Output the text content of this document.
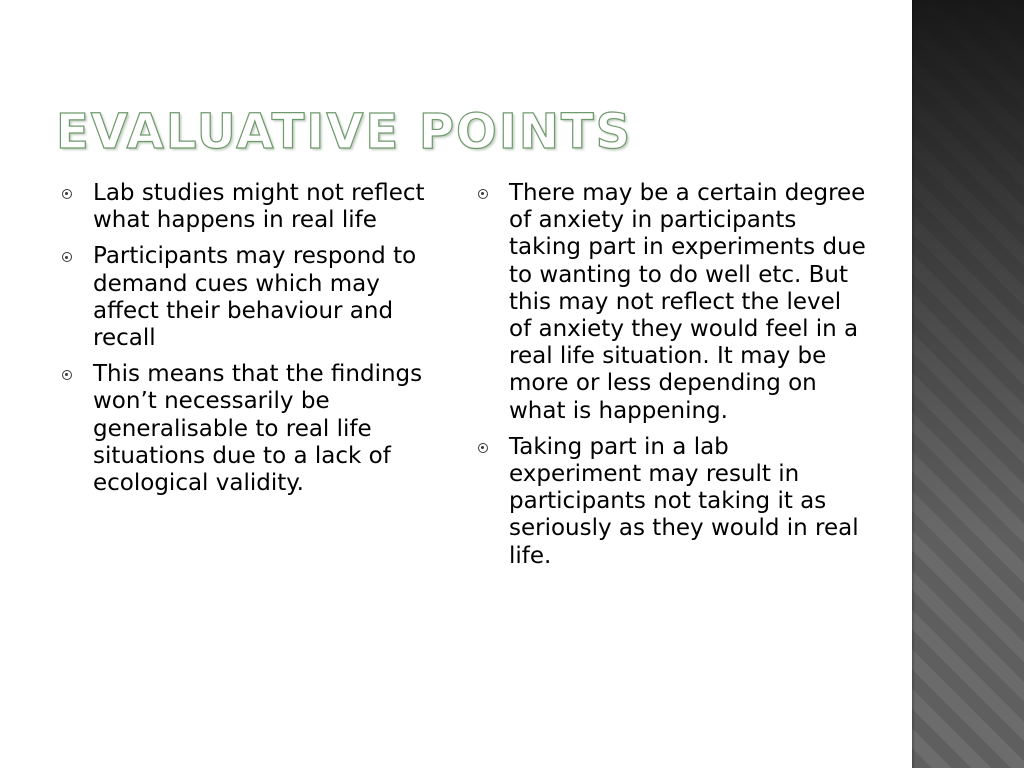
EVALUATIVE POINTS
Lab studies might not reflect what happens in real life
Participants may respond to demand cues which may affect their behaviour and recall
This means that the findings won’t necessarily be generalisable to real life situations due to a lack of ecological validity.
There may be a certain degree of anxiety in participants taking part in experiments due to wanting to do well etc. But this may not reflect the level of anxiety they would feel in a real life situation. It may be more or less depending on what is happening.
Taking part in a lab experiment may result in participants not taking it as seriously as they would in real life.
